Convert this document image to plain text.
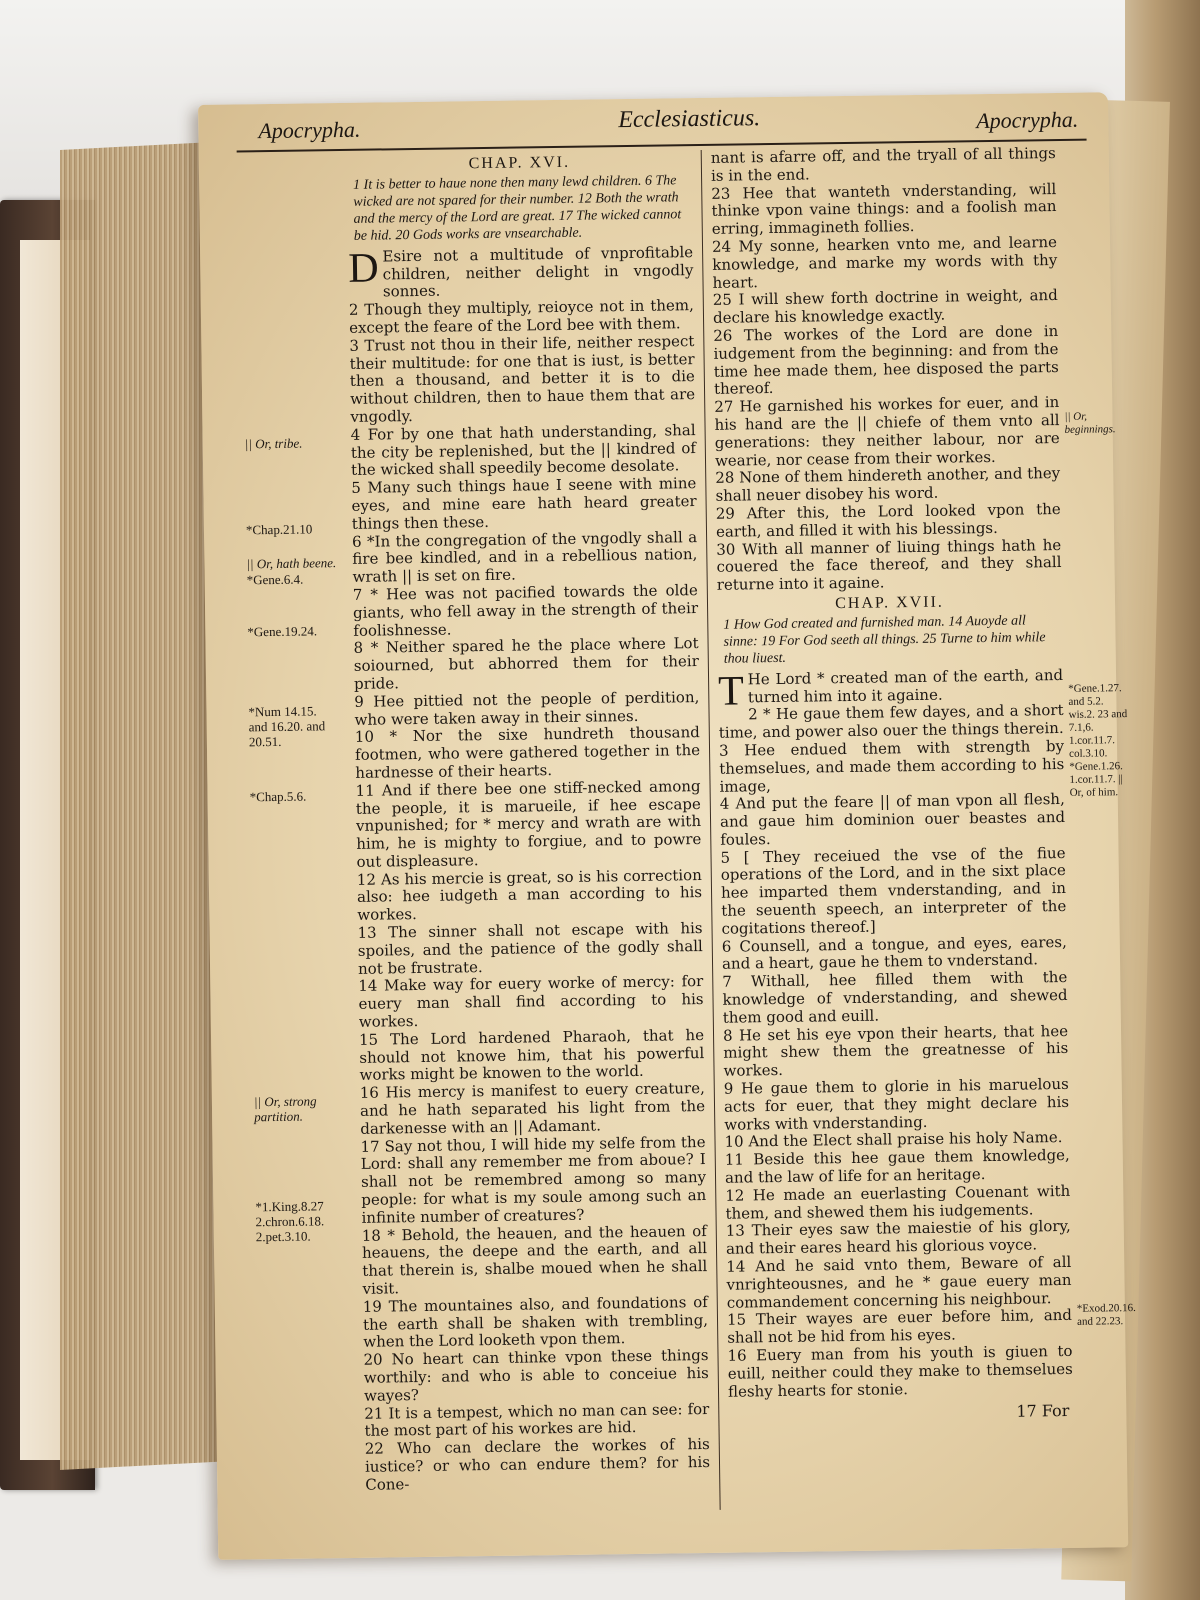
Apocrypha.	Ecclesiasticus.	Apocrypha.
|| Or, tribe.
*Chap.21.10
|| Or, hath beene.
*Gene.6.4.
*Gene.19.24.
*Num 14.15. and 16.20. and 20.51.
*Chap.5.6.
|| Or, strong partition.
*1.King.8.27 2.chron.6.18. 2.pet.3.10.
|| Or, beginnings.
*Gene.1.27. and 5.2. wis.2. 23 and 7.1,6. 1.cor.11.7. col.3.10. *Gene.1.26. 1.cor.11.7. || Or, of him.
*Exod.20.16. and 22.23.
CHAP. XVI.
1 It is better to haue none then many lewd children. 6 The wicked are not spared for their number. 12 Both the wrath and the mercy of the Lord are great. 17 The wicked cannot be hid. 20 Gods works are vnsearchable.

D Esire not a multitude of vnprofitable children, neither delight in vngodly sonnes.

2 Though they multiply, reioyce not in them, except the feare of the Lord bee with them.

3 Trust not thou in their life, neither respect their multitude: for one that is iust, is better then a thousand, and better it is to die without children, then to haue them that are vngodly.

4 For by one that hath understanding, shal the city be replenished, but the || kindred of the wicked shall speedily become desolate.

5 Many such things haue I seene with mine eyes, and mine eare hath heard greater things then these.

6 *In the congregation of the vngodly shall a fire bee kindled, and in a rebellious nation, wrath || is set on fire.

7 * Hee was not pacified towards the olde giants, who fell away in the strength of their foolishnesse.

8 * Neither spared he the place where Lot soiourned, but abhorred them for their pride.

9 Hee pittied not the people of perdition, who were taken away in their sinnes.

10 * Nor the sixe hundreth thousand footmen, who were gathered together in the hardnesse of their hearts.

11 And if there bee one stiff-necked among the people, it is marueile, if hee escape vnpunished; for * mercy and wrath are with him, he is mighty to forgiue, and to powre out displeasure.

12 As his mercie is great, so is his correction also: hee iudgeth a man according to his workes.

13 The sinner shall not escape with his spoiles, and the patience of the godly shall not be frustrate.

14 Make way for euery worke of mercy: for euery man shall find according to his workes.

15 The Lord hardened Pharaoh, that he should not knowe him, that his powerful works might be knowen to the world.

16 His mercy is manifest to euery creature, and he hath separated his light from the darkenesse with an || Adamant.

17 Say not thou, I will hide my selfe from the Lord: shall any remember me from aboue? I shall not be remembred among so many people: for what is my soule among such an infinite number of creatures?

18 * Behold, the heauen, and the heauen of heauens, the deepe and the earth, and all that therein is, shalbe moued when he shall visit.

19 The mountaines also, and foundations of the earth shall be shaken with trembling, when the Lord looketh vpon them.

20 No heart can thinke vpon these things worthily: and who is able to conceiue his wayes?

21 It is a tempest, which no man can see: for the most part of his workes are hid.

22 Who can declare the workes of his iustice? or who can endure them? for his Cone-

nant is afarre off, and the tryall of all things is in the end.

23 Hee that wanteth vnderstanding, will thinke vpon vaine things: and a foolish man erring, immagineth follies.

24 My sonne, hearken vnto me, and learne knowledge, and marke my words with thy heart.

25 I will shew forth doctrine in weight, and declare his knowledge exactly.

26 The workes of the Lord are done in iudgement from the beginning: and from the time hee made them, hee disposed the parts thereof.

27 He garnished his workes for euer, and in his hand are the || chiefe of them vnto all generations: they neither labour, nor are wearie, nor cease from their workes.

28 None of them hindereth another, and they shall neuer disobey his word.

29 After this, the Lord looked vpon the earth, and filled it with his blessings.

30 With all manner of liuing things hath he couered the face thereof, and they shall returne into it againe.

CHAP. XVII.
1 How God created and furnished man. 14 Auoyde all sinne: 19 For God seeth all things. 25 Turne to him while thou liuest.

T He Lord * created man of the earth, and turned him into it againe.

2 * He gaue them few dayes, and a short time, and power also ouer the things therein.

3 Hee endued them with strength by themselues, and made them according to his image,

4 And put the feare || of man vpon all flesh, and gaue him dominion ouer beastes and foules.

5 [ They receiued the vse of the fiue operations of the Lord, and in the sixt place hee imparted them vnderstanding, and in the seuenth speech, an interpreter of the cogitations thereof.]

6 Counsell, and a tongue, and eyes, eares, and a heart, gaue he them to vnderstand.

7 Withall, hee filled them with the knowledge of vnderstanding, and shewed them good and euill.

8 He set his eye vpon their hearts, that hee might shew them the greatnesse of his workes.

9 He gaue them to glorie in his maruelous acts for euer, that they might declare his works with vnderstanding.

10 And the Elect shall praise his holy Name.

11 Beside this hee gaue them knowledge, and the law of life for an heritage.

12 He made an euerlasting Couenant with them, and shewed them his iudgements.

13 Their eyes saw the maiestie of his glory, and their eares heard his glorious voyce.

14 And he said vnto them, Beware of all vnrighteousnes, and he * gaue euery man commandement concerning his neighbour.

15 Their wayes are euer before him, and shall not be hid from his eyes.

16 Euery man from his youth is giuen to euill, neither could they make to themselues fleshy hearts for stonie.

17 For
